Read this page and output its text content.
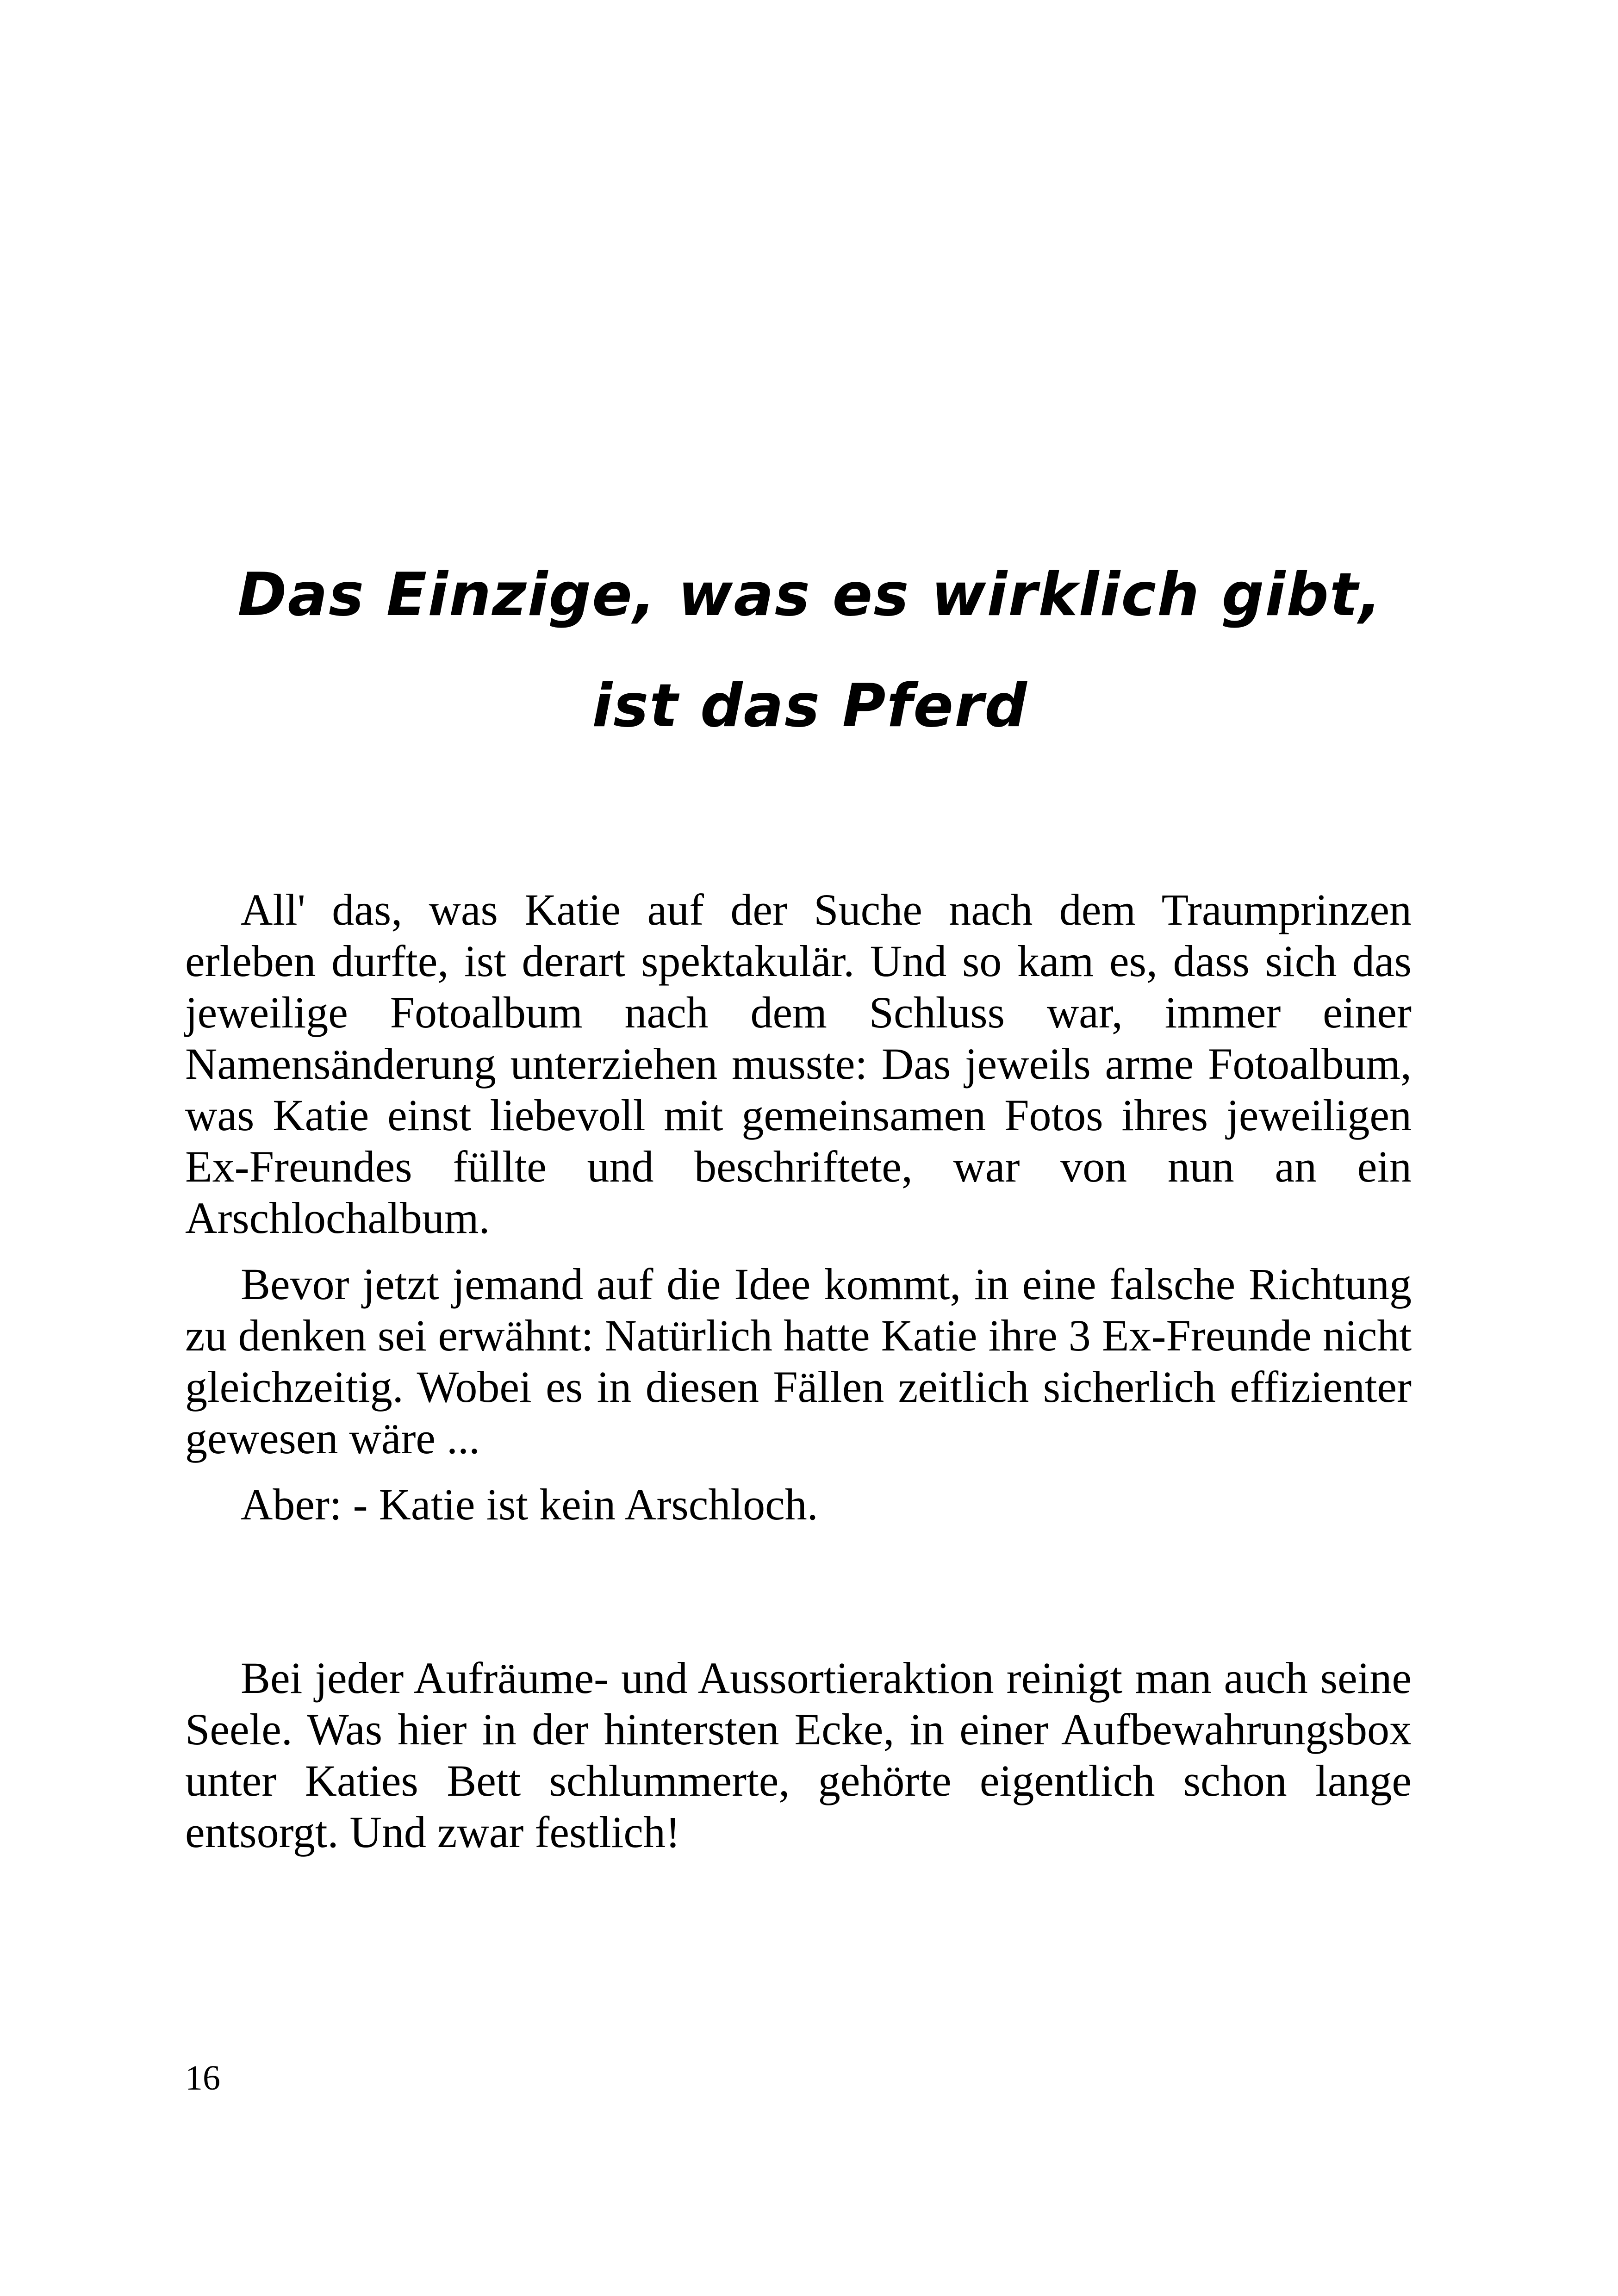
Das Einzige, was es wirklich gibt,
ist das Pferd

All' das, was Katie auf der Suche nach dem Traumprinzen erleben durfte, ist derart spektakulär. Und so kam es, dass sich das jeweilige Fotoalbum nach dem Schluss war, immer einer Namensänderung unterziehen musste: Das jeweils arme Fotoalbum, was Katie einst liebevoll mit gemeinsamen Fotos ihres jeweiligen Ex-Freundes füllte und beschriftete, war von nun an ein Arschlochalbum.

Bevor jetzt jemand auf die Idee kommt, in eine falsche Richtung zu denken sei erwähnt: Natürlich hatte Katie ihre 3 Ex-Freunde nicht gleichzeitig. Wobei es in diesen Fällen zeitlich sicherlich effizienter gewesen wäre ...

Aber: - Katie ist kein Arschloch.

Bei jeder Aufräume- und Aussortieraktion reinigt man auch seine Seele. Was hier in der hintersten Ecke, in einer Aufbewahrungsbox unter Katies Bett schlummerte, gehörte eigentlich schon lange entsorgt. Und zwar festlich!

16
